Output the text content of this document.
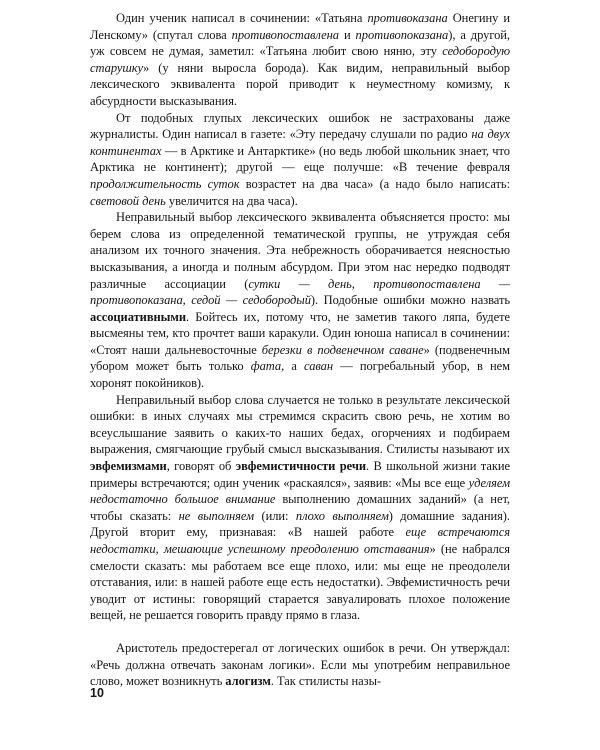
Один ученик написал в сочинении: «Татьяна противоказана Онегину и Ленскому» (спутал слова противопоставлена и противопоказана), а другой, уж совсем не думая, заметил: «Татьяна любит свою няню, эту седобородую старушку» (у няни выросла борода). Как видим, неправильный выбор лексического эквивалента порой приводит к неуместному комизму, к абсурдности высказывания.

От подобных глупых лексических ошибок не застрахованы даже журналисты. Один написал в газете: «Эту передачу слушали по радио на двух континентах — в Арктике и Антарктике» (но ведь любой школьник знает, что Арктика не континент); другой — еще получше: «В течение февраля продолжительность суток возрастет на два часа» (а надо было написать: световой день увеличится на два часа).

Неправильный выбор лексического эквивалента объясняется просто: мы берем слова из определенной тематической группы, не утруждая себя анализом их точного значения. Эта небрежность оборачивается неясностью высказывания, а иногда и полным абсурдом. При этом нас нередко подводят различные ассоциации (сутки — день, противопоставлена — противопоказана, седой — седобородый). Подобные ошибки можно назвать ассоциативными. Бойтесь их, потому что, не заметив такого ляпа, будете высмеяны тем, кто прочтет ваши каракули. Один юноша написал в сочинении: «Стоят наши дальневосточные березки в подвенечном саване» (подвенечным убором может быть только фата, а саван — погребальный убор, в нем хоронят покойников).

Неправильный выбор слова случается не только в результате лексической ошибки: в иных случаях мы стремимся скрасить свою речь, не хотим во всеуслышание заявить о каких-то наших бедах, огорчениях и подбираем выражения, смягчающие грубый смысл высказывания. Стилисты называют их эвфемизмами, говорят об эвфемистичности речи. В школьной жизни такие примеры встречаются; один ученик «раскаялся», заявив: «Мы все еще уделяем недостаточно большое внимание выполнению домашних заданий» (а нет, чтобы сказать: не выполняем (или: плохо выполняем) домашние задания). Другой вторит ему, признавая: «В нашей работе еще встречаются недостатки, мешающие успешному преодолению отставания» (не набрался смелости сказать: мы работаем все еще плохо, или: мы еще не преодолели отставания, или: в нашей работе еще есть недостатки). Эвфемистичность речи уводит от истины: говорящий старается завуалировать плохое положение вещей, не решается говорить правду прямо в глаза.

Аристотель предостерегал от логических ошибок в речи. Он утверждал: «Речь должна отвечать законам логики». Если мы употребим неправильное слово, может возникнуть алогизм. Так стилисты назы-

10
